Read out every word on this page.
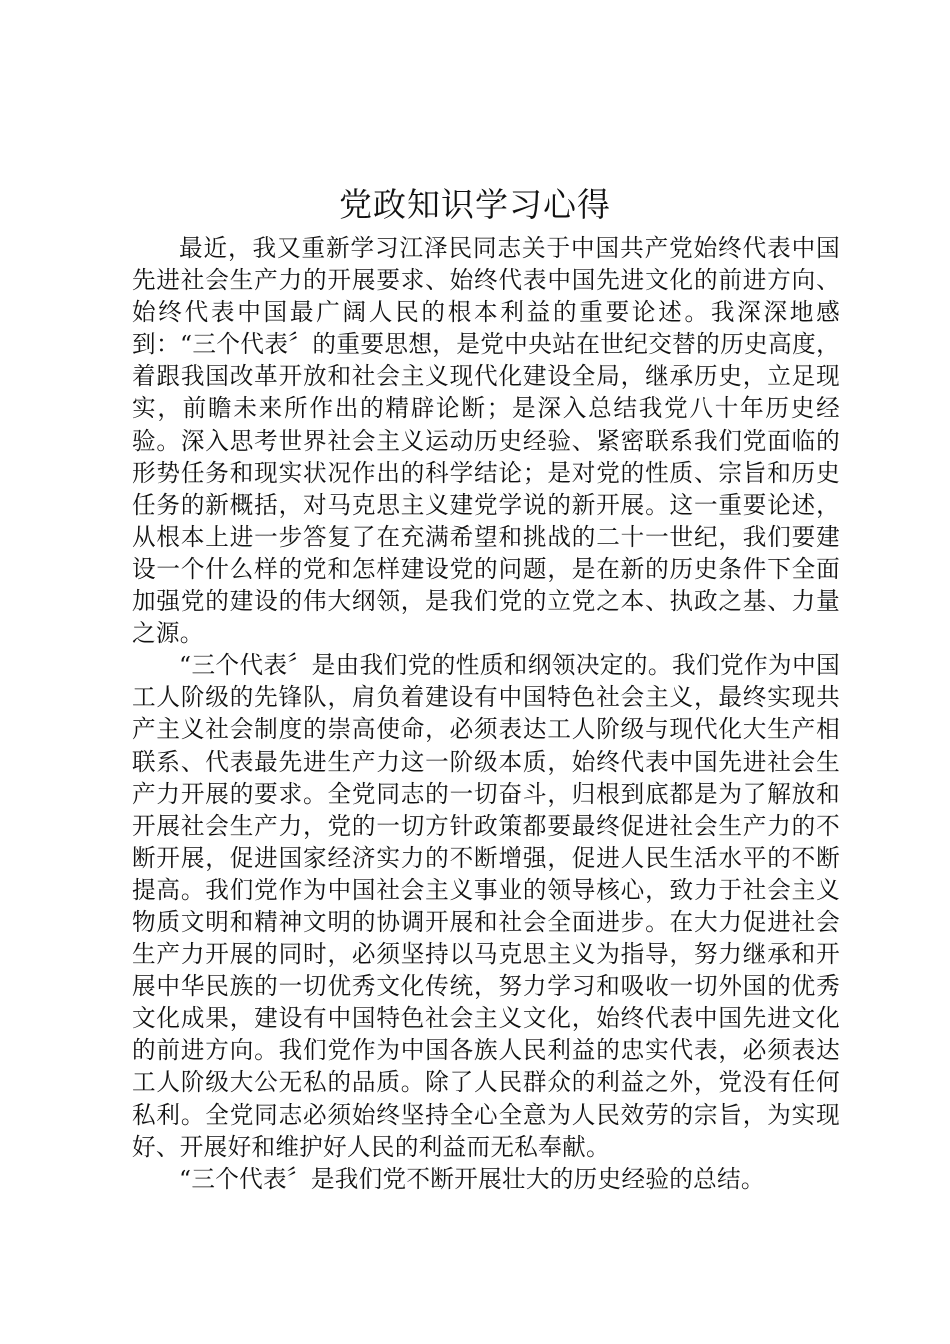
党政知识学习心得

最近，我又重新学习江泽民同志关于中国共产党始终代表中国先进社会生产力的开展要求、始终代表中国先进文化的前进方向、始终代表中国最广阔人民的根本利益的重要论述。我深深地感到：“三个代表〞的重要思想，是党中央站在世纪交替的历史高度，着跟我国改革开放和社会主义现代化建设全局，继承历史，立足现实，前瞻未来所作出的精辟论断；是深入总结我党八十年历史经验。深入思考世界社会主义运动历史经验、紧密联系我们党面临的形势任务和现实状况作出的科学结论；是对党的性质、宗旨和历史任务的新概括，对马克思主义建党学说的新开展。这一重要论述，从根本上进一步答复了在充满希望和挑战的二十一世纪，我们要建设一个什么样的党和怎样建设党的问题，是在新的历史条件下全面加强党的建设的伟大纲领，是我们党的立党之本、执政之基、力量之源。

“三个代表〞是由我们党的性质和纲领决定的。我们党作为中国工人阶级的先锋队，肩负着建设有中国特色社会主义，最终实现共产主义社会制度的崇高使命，必须表达工人阶级与现代化大生产相联系、代表最先进生产力这一阶级本质，始终代表中国先进社会生产力开展的要求。全党同志的一切奋斗，归根到底都是为了解放和开展社会生产力，党的一切方针政策都要最终促进社会生产力的不断开展，促进国家经济实力的不断增强，促进人民生活水平的不断提高。我们党作为中国社会主义事业的领导核心，致力于社会主义物质文明和精神文明的协调开展和社会全面进步。在大力促进社会生产力开展的同时，必须坚持以马克思主义为指导，努力继承和开展中华民族的一切优秀文化传统，努力学习和吸收一切外国的优秀文化成果，建设有中国特色社会主义文化，始终代表中国先进文化的前进方向。我们党作为中国各族人民利益的忠实代表，必须表达工人阶级大公无私的品质。除了人民群众的利益之外，党没有任何私利。全党同志必须始终坚持全心全意为人民效劳的宗旨，为实现好、开展好和维护好人民的利益而无私奉献。

“三个代表〞是我们党不断开展壮大的历史经验的总结。
